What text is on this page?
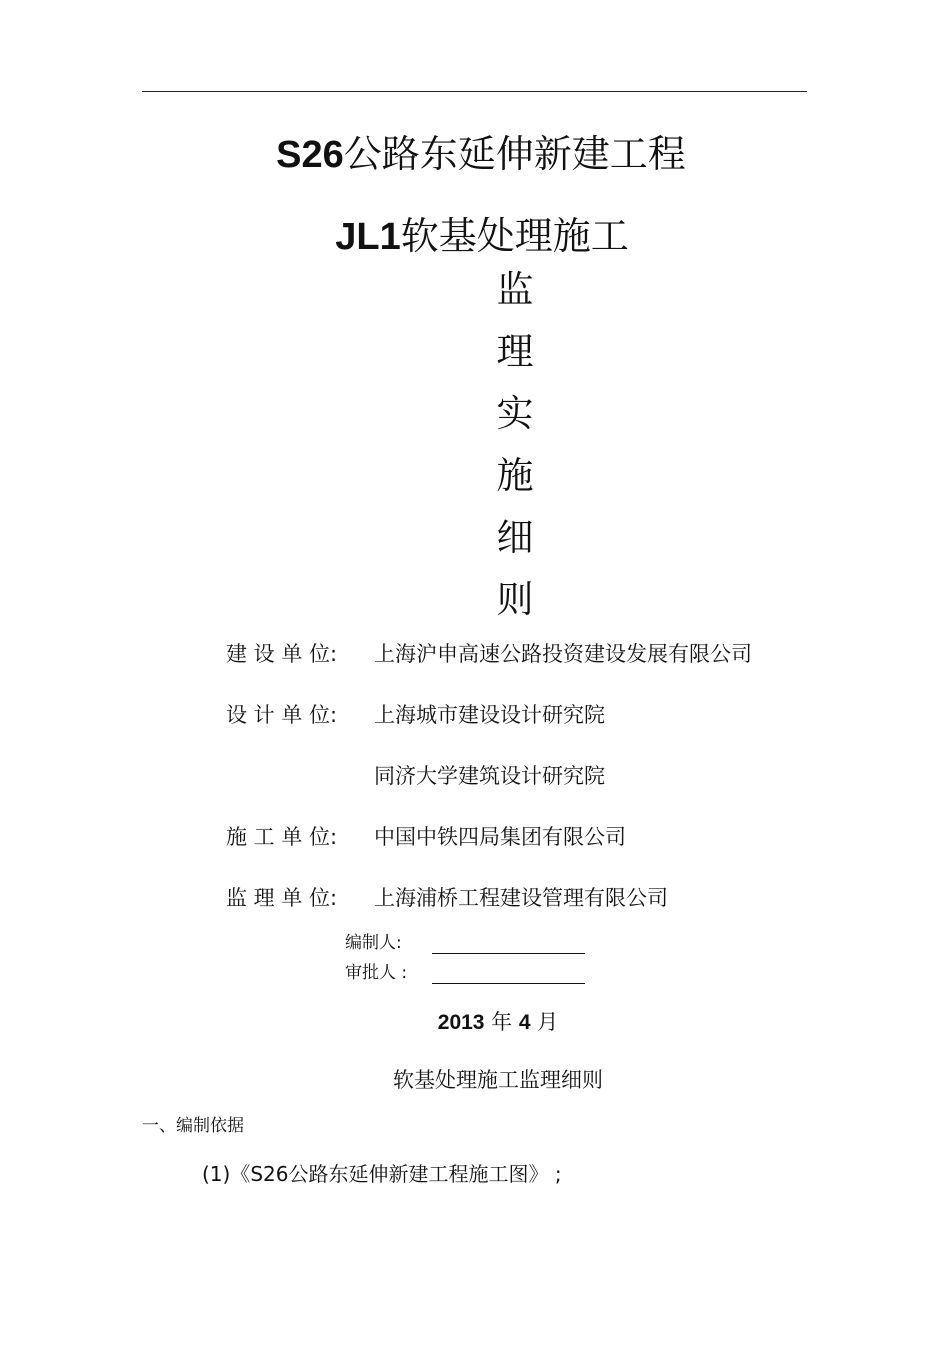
S26公路东延伸新建工程
JL1软基处理施工
监
理
实
施
细
则
建 设 单 位: 上海沪申高速公路投资建设发展有限公司
设 计 单 位: 上海城市建设设计研究院
同济大学建筑设计研究院
施 工 单 位: 中国中铁四局集团有限公司
监 理 单 位: 上海浦桥工程建设管理有限公司
编制人:
审批人 :
2013 年 4 月
软基处理施工监理细则
一、编制依据
(1)《S26公路东延伸新建工程施工图》 ;
